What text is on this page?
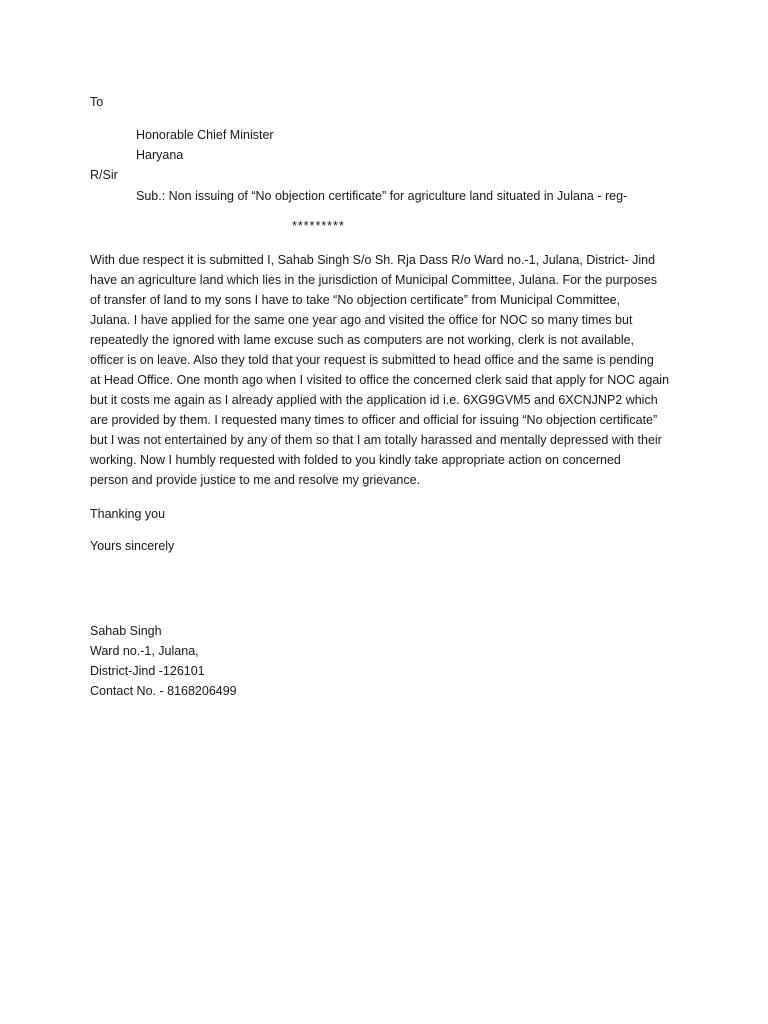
To
Honorable Chief Minister
Haryana
R/Sir
Sub.: Non issuing of “No objection certificate” for agriculture land situated in Julana - reg-
*********
With due respect it is submitted I, Sahab Singh S/o Sh. Rja Dass R/o Ward no.-1, Julana, District- Jind
have an agriculture land which lies in the jurisdiction of Municipal Committee, Julana. For the purposes
of transfer of land to my sons I have to take “No objection certificate” from Municipal Committee,
Julana. I have applied for the same one year ago and visited the office for NOC so many times but
repeatedly the ignored with lame excuse such as computers are not working, clerk is not available,
officer is on leave. Also they told that your request is submitted to head office and the same is pending
at Head Office. One month ago when I visited to office the concerned clerk said that apply for NOC again
but it costs me again as I already applied with the application id i.e. 6XG9GVM5 and 6XCNJNP2 which
are provided by them. I requested many times to officer and official for issuing “No objection certificate”
but I was not entertained by any of them so that I am totally harassed and mentally depressed with their
working. Now I humbly requested with folded to you kindly take appropriate action on concerned
person and provide justice to me and resolve my grievance.
Thanking you
Yours sincerely
Sahab Singh
Ward no.-1, Julana,
District-Jind -126101
Contact No. - 8168206499
